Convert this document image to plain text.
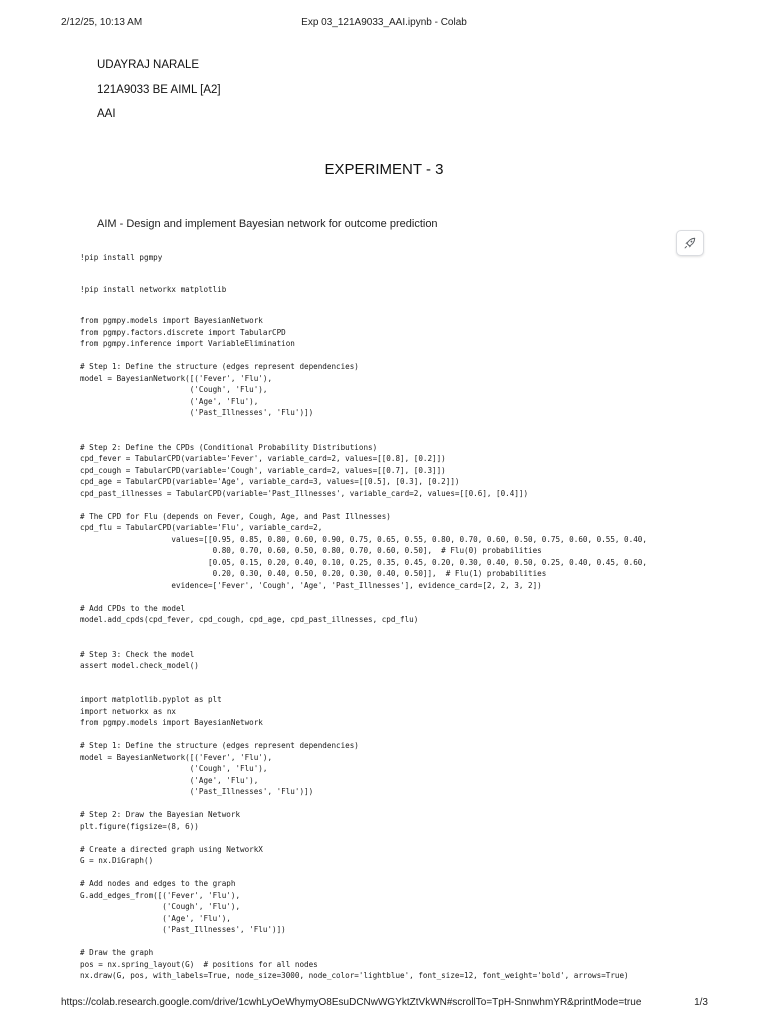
2/12/25, 10:13 AM	Exp 03_121A9033_AAI.ipynb - Colab
UDAYRAJ NARALE
121A9033 BE AIML [A2]
AAI
EXPERIMENT - 3
AIM - Design and implement Bayesian network for outcome prediction
!pip install pgmpy
!pip install networkx matplotlib
from pgmpy.models import BayesianNetwork
from pgmpy.factors.discrete import TabularCPD
from pgmpy.inference import VariableElimination
# Step 1: Define the structure (edges represent dependencies)
model = BayesianNetwork([('Fever', 'Flu'),
('Cough', 'Flu'),
('Age', 'Flu'),
('Past_Illnesses', 'Flu')])
# Step 2: Define the CPDs (Conditional Probability Distributions)
cpd_fever = TabularCPD(variable='Fever', variable_card=2, values=[[0.8], [0.2]])
cpd_cough = TabularCPD(variable='Cough', variable_card=2, values=[[0.7], [0.3]])
cpd_age = TabularCPD(variable='Age', variable_card=3, values=[[0.5], [0.3], [0.2]])
cpd_past_illnesses = TabularCPD(variable='Past_Illnesses', variable_card=2, values=[[0.6], [0.4]])
# The CPD for Flu (depends on Fever, Cough, Age, and Past Illnesses)
cpd_flu = TabularCPD(variable='Flu', variable_card=2,
values=[[0.95, 0.85, 0.80, 0.60, 0.90, 0.75, 0.65, 0.55, 0.80, 0.70, 0.60, 0.50, 0.75, 0.60, 0.55, 0.40,
0.80, 0.70, 0.60, 0.50, 0.80, 0.70, 0.60, 0.50],  # Flu(0) probabilities
[0.05, 0.15, 0.20, 0.40, 0.10, 0.25, 0.35, 0.45, 0.20, 0.30, 0.40, 0.50, 0.25, 0.40, 0.45, 0.60,
0.20, 0.30, 0.40, 0.50, 0.20, 0.30, 0.40, 0.50]],  # Flu(1) probabilities
evidence=['Fever', 'Cough', 'Age', 'Past_Illnesses'], evidence_card=[2, 2, 3, 2])
# Add CPDs to the model
model.add_cpds(cpd_fever, cpd_cough, cpd_age, cpd_past_illnesses, cpd_flu)
# Step 3: Check the model
assert model.check_model()
import matplotlib.pyplot as plt
import networkx as nx
from pgmpy.models import BayesianNetwork
# Step 1: Define the structure (edges represent dependencies)
model = BayesianNetwork([('Fever', 'Flu'),
('Cough', 'Flu'),
('Age', 'Flu'),
('Past_Illnesses', 'Flu')])
# Step 2: Draw the Bayesian Network
plt.figure(figsize=(8, 6))
# Create a directed graph using NetworkX
G = nx.DiGraph()
# Add nodes and edges to the graph
G.add_edges_from([('Fever', 'Flu'),
('Cough', 'Flu'),
('Age', 'Flu'),
('Past_Illnesses', 'Flu')])
# Draw the graph
pos = nx.spring_layout(G)  # positions for all nodes
nx.draw(G, pos, with_labels=True, node_size=3000, node_color='lightblue', font_size=12, font_weight='bold', arrows=True)
https://colab.research.google.com/drive/1cwhLyOeWhymyO8EsuDCNwWGYktZtVkWN#scrollTo=TpH-SnnwhmYR&printMode=true	1/3
